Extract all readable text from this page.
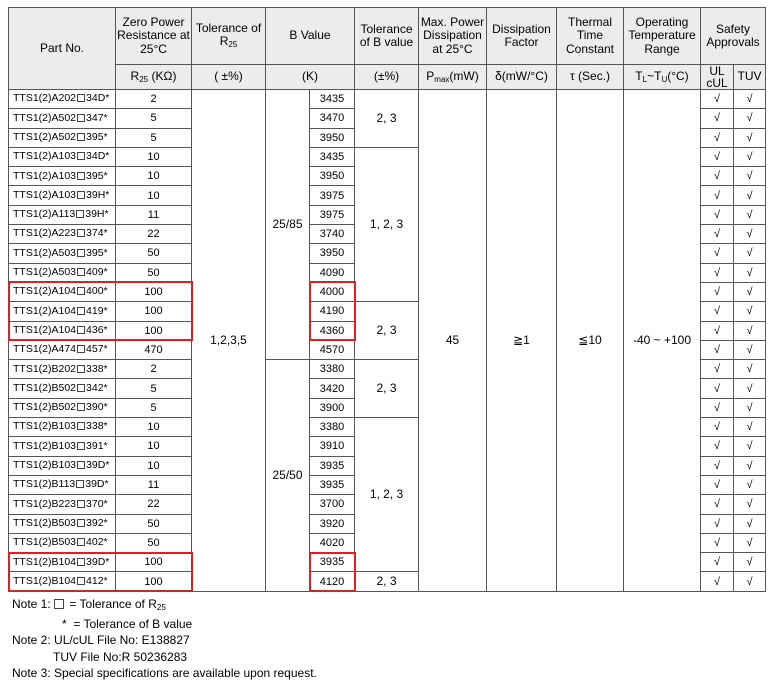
Part No.	Zero Power Resistance at 25°C	Tolerance of $R_{25}$	B Value		Tolerance of B value	Max. Power Dissipation at 25°C	Dissipation Factor	Thermal Time Constant	Operating Temperature Range	Safety Approvals	
	$R_{25}$ (KΩ)	( ±%)	(K)		(±%)	$P_{max}(mW)$	δ(mW/°C)	τ (Sec.)	$T_L\sim T_U(^\circ C)$	UL cUL	TUV
TTS1(2)A202 34D*	2	1,2,3,5	25/85	3435	2, 3	45	≧1	≦10	-40 ~ +100	√	√
TTS1(2)A502 347*	5			3470						√	√
TTS1(2)A502 395*	5			3950						√	√
TTS1(2)A103 34D*	10			3435	1, 2, 3					√	√
TTS1(2)A103 395*	10			3950						√	√
TTS1(2)A103 39H*	10			3975						√	√
TTS1(2)A113 39H*	11			3975						√	√
TTS1(2)A223 374*	22			3740						√	√
TTS1(2)A503 395*	50			3950						√	√
TTS1(2)A503 409*	50			4090						√	√
TTS1(2)A104 400*	100			4000						√	√
TTS1(2)A104 419*	100			4190	2, 3					√	√
TTS1(2)A104 436*	100			4360						√	√
TTS1(2)A474 457*	470			4570						√	√
TTS1(2)B202 338*	2		25/50	3380	2, 3					√	√
TTS1(2)B502 342*	5			3420						√	√
TTS1(2)B502 390*	5			3900						√	√
TTS1(2)B103 338*	10			3380	1, 2, 3					√	√
TTS1(2)B103 391*	10			3910						√	√
TTS1(2)B103 39D*	10			3935						√	√
TTS1(2)B113 39D*	11			3935						√	√
TTS1(2)B223 370*	22			3700						√	√
TTS1(2)B503 392*	50			3920						√	√
TTS1(2)B503 402*	50			4020						√	√
TTS1(2)B104 39D*	100			3935						√	√
TTS1(2)B104 412*	100			4120	2, 3					√	√
Note 1: = Tolerance of $R_{25}$
* = Tolerance of B value
Note 2: UL/cUL File No: E138827
TUV File No:R 50236283
Note 3: Special specifications are available upon request.
